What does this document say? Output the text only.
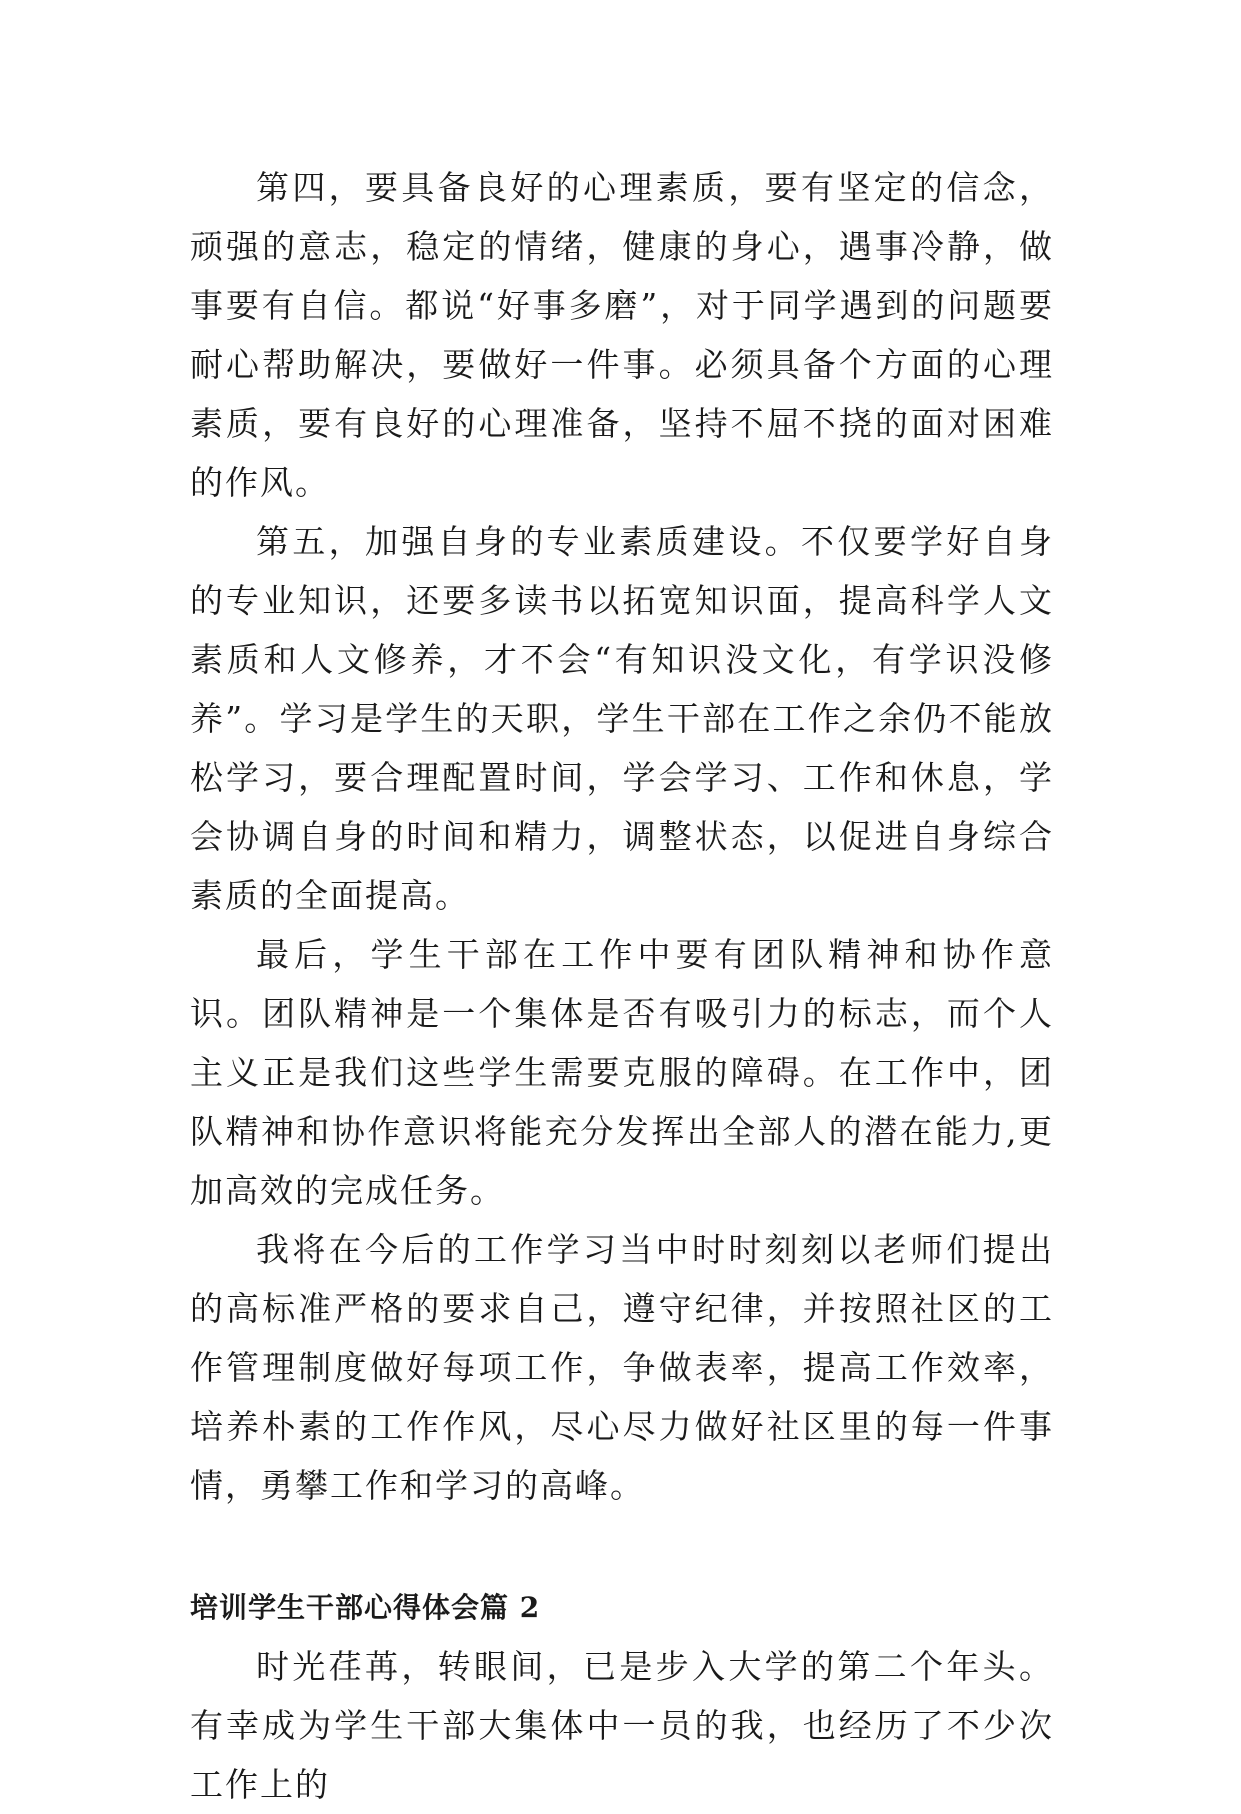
第四，要具备良好的心理素质，要有坚定的信念，顽强的意志，稳定的情绪，健康的身心，遇事冷静，做事要有自信。都说“好事多磨”，对于同学遇到的问题要耐心帮助解决，要做好一件事。必须具备个方面的心理素质，要有良好的心理准备，坚持不屈不挠的面对困难的作风。

第五，加强自身的专业素质建设。不仅要学好自身的专业知识，还要多读书以拓宽知识面，提高科学人文素质和人文修养，才不会“有知识没文化，有学识没修养”。学习是学生的天职，学生干部在工作之余仍不能放松学习，要合理配置时间，学会学习、工作和休息，学会协调自身的时间和精力，调整状态，以促进自身综合素质的全面提高。

最后，学生干部在工作中要有团队精神和协作意识。团队精神是一个集体是否有吸引力的标志，而个人主义正是我们这些学生需要克服的障碍。在工作中，团队精神和协作意识将能充分发挥出全部人的潜在能力,更加高效的完成任务。

我将在今后的工作学习当中时时刻刻以老师们提出的高标准严格的要求自己，遵守纪律，并按照社区的工作管理制度做好每项工作，争做表率，提高工作效率，培养朴素的工作作风，尽心尽力做好社区里的每一件事情，勇攀工作和学习的高峰。

培训学生干部心得体会篇 2

时光荏苒，转眼间，已是步入大学的第二个年头。有幸成为学生干部大集体中一员的我，也经历了不少次工作上的
